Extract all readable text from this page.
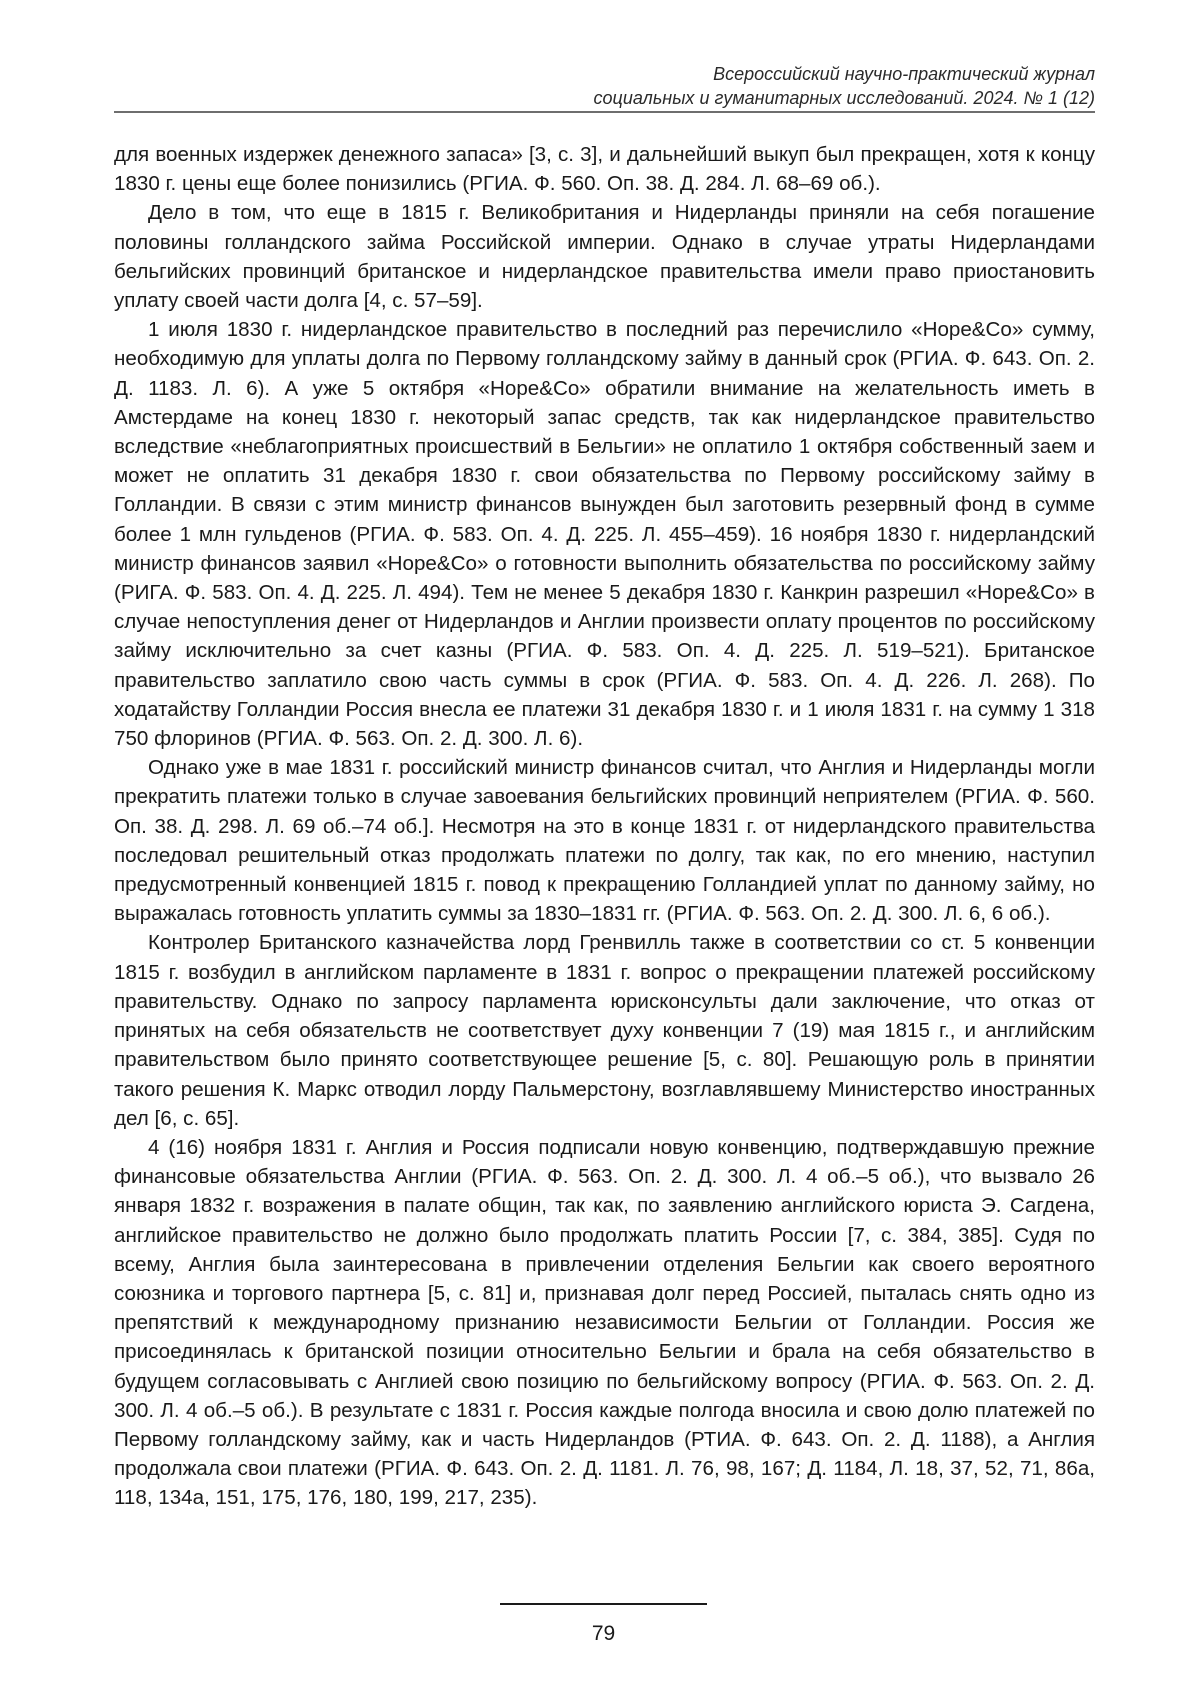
Всероссийский научно-практический журнал
социальных и гуманитарных исследований. 2024. № 1 (12)

для военных издержек денежного запаса» [3, с. 3], и дальнейший выкуп был прекращен, хотя к концу 1830 г. цены еще более понизились (РГИА. Ф. 560. Оп. 38. Д. 284. Л. 68–69 об.).

Дело в том, что еще в 1815 г. Великобритания и Нидерланды приняли на себя погашение половины голландского займа Российской империи. Однако в случае утраты Нидерландами бельгийских провинций британское и нидерландское правительства имели право приостановить уплату своей части долга [4, с. 57–59].

1 июля 1830 г. нидерландское правительство в последний раз перечислило «Hope&Co» сумму, необходимую для уплаты долга по Первому голландскому займу в данный срок (РГИА. Ф. 643. Оп. 2. Д. 1183. Л. 6). А уже 5 октября «Hope&Co» обратили внимание на желательность иметь в Амстердаме на конец 1830 г. некоторый запас средств, так как нидерландское правительство вследствие «неблагоприятных происшествий в Бельгии» не оплатило 1 октября собственный заем и может не оплатить 31 декабря 1830 г. свои обязательства по Первому российскому займу в Голландии. В связи с этим министр финансов вынужден был заготовить резервный фонд в сумме более 1 млн гульденов (РГИА. Ф. 583. Оп. 4. Д. 225. Л. 455–459). 16 ноября 1830 г. нидерландский министр финансов заявил «Hope&Co» о готовности выполнить обязательства по российскому займу (РИГА. Ф. 583. Оп. 4. Д. 225. Л. 494). Тем не менее 5 декабря 1830 г. Канкрин разрешил «Hope&Co» в случае непоступления денег от Нидерландов и Англии произвести оплату процентов по российскому займу исключительно за счет казны (РГИА. Ф. 583. Оп. 4. Д. 225. Л. 519–521). Британское правительство заплатило свою часть суммы в срок (РГИА. Ф. 583. Оп. 4. Д. 226. Л. 268). По ходатайству Голландии Россия внесла ее платежи 31 декабря 1830 г. и 1 июля 1831 г. на сумму 1 318 750 флоринов (РГИА. Ф. 563. Оп. 2. Д. 300. Л. 6).

Однако уже в мае 1831 г. российский министр финансов считал, что Англия и Нидерланды могли прекратить платежи только в случае завоевания бельгийских провинций неприятелем (РГИА. Ф. 560. Оп. 38. Д. 298. Л. 69 об.–74 об.]. Несмотря на это в конце 1831 г. от нидерландского правительства последовал решительный отказ продолжать платежи по долгу, так как, по его мнению, наступил предусмотренный конвенцией 1815 г. повод к прекращению Голландией уплат по данному займу, но выражалась готовность уплатить суммы за 1830–1831 гг. (РГИА. Ф. 563. Оп. 2. Д. 300. Л. 6, 6 об.).

Контролер Британского казначейства лорд Гренвилль также в соответствии со ст. 5 конвенции 1815 г. возбудил в английском парламенте в 1831 г. вопрос о прекращении платежей российскому правительству. Однако по запросу парламента юрисконсульты дали заключение, что отказ от принятых на себя обязательств не соответствует духу конвенции 7 (19) мая 1815 г., и английским правительством было принято соответствующее решение [5, с. 80]. Решающую роль в принятии такого решения К. Маркс отводил лорду Пальмерстону, возглавлявшему Министерство иностранных дел [6, с. 65].

4 (16) ноября 1831 г. Англия и Россия подписали новую конвенцию, подтверждавшую прежние финансовые обязательства Англии (РГИА. Ф. 563. Оп. 2. Д. 300. Л. 4 об.–5 об.), что вызвало 26 января 1832 г. возражения в палате общин, так как, по заявлению английского юриста Э. Сагдена, английское правительство не должно было продолжать платить России [7, с. 384, 385]. Судя по всему, Англия была заинтересована в привлечении отделения Бельгии как своего вероятного союзника и торгового партнера [5, с. 81] и, признавая долг перед Россией, пыталась снять одно из препятствий к международному признанию независимости Бельгии от Голландии. Россия же присоединялась к британской позиции относительно Бельгии и брала на себя обязательство в будущем согласовывать с Англией свою позицию по бельгийскому вопросу (РГИА. Ф. 563. Оп. 2. Д. 300. Л. 4 об.–5 об.). В результате с 1831 г. Россия каждые полгода вносила и свою долю платежей по Первому голландскому займу, как и часть Нидерландов (РТИА. Ф. 643. Оп. 2. Д. 1188), а Англия продолжала свои платежи (РГИА. Ф. 643. Оп. 2. Д. 1181. Л. 76, 98, 167; Д. 1184, Л. 18, 37, 52, 71, 86а, 118, 134а, 151, 175, 176, 180, 199, 217, 235).

79
